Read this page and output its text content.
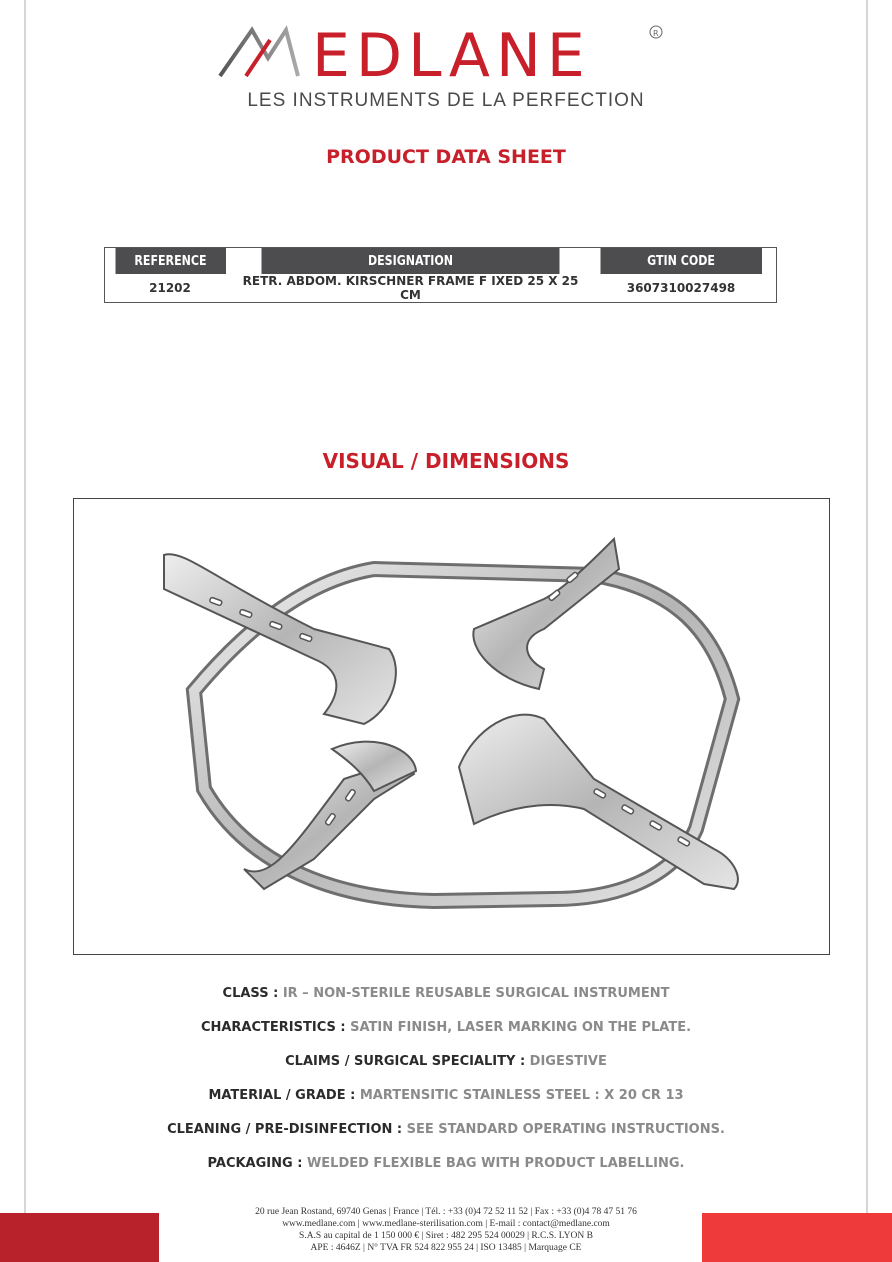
EDLANE	R
LES INSTRUMENTS DE LA PERFECTION
PRODUCT DATA SHEET
REFERENCE	DESIGNATION	GTIN CODE
21202	RETR. ABDOM. KIRSCHNER FRAME F IXED 25 X 25 CM	3607310027498
VISUAL / DIMENSIONS
CLASS : IR – NON-STERILE REUSABLE SURGICAL INSTRUMENT
CHARACTERISTICS : SATIN FINISH, LASER MARKING ON THE PLATE.
CLAIMS / SURGICAL SPECIALITY : DIGESTIVE
MATERIAL / GRADE : MARTENSITIC STAINLESS STEEL : X 20 CR 13
CLEANING / PRE-DISINFECTION : SEE STANDARD OPERATING INSTRUCTIONS.
PACKAGING : WELDED FLEXIBLE BAG WITH PRODUCT LABELLING.
20 rue Jean Rostand, 69740 Genas | France | Tél. : +33 (0)4 72 52 11 52 | Fax : +33 (0)4 78 47 51 76
www.medlane.com | www.medlane-sterilisation.com | E-mail : contact@medlane.com
S.A.S au capital de 1 150 000 € | Siret : 482 295 524 00029 | R.C.S. LYON B
APE : 4646Z | N° TVA FR 524 822 955 24 | ISO 13485 | Marquage CE
